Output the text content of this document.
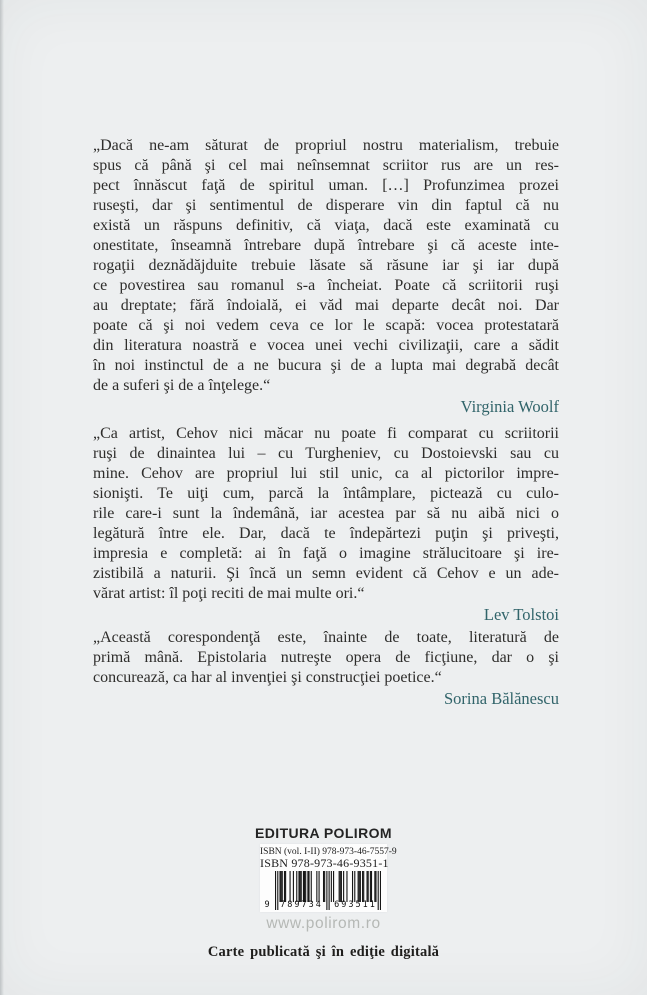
„Dacă ne-am săturat de propriul nostru materialism, trebuie
spus că până şi cel mai neînsemnat scriitor rus are un res-
pect înnăscut faţă de spiritul uman. […] Profunzimea prozei
ruseşti, dar şi sentimentul de disperare vin din faptul că nu
există un răspuns definitiv, că viaţa, dacă este examinată cu
onestitate, înseamnă întrebare după întrebare şi că aceste inte-
rogaţii deznădăjduite trebuie lăsate să răsune iar şi iar după
ce povestirea sau romanul s-a încheiat. Poate că scriitorii ruşi
au dreptate; fără îndoială, ei văd mai departe decât noi. Dar
poate că şi noi vedem ceva ce lor le scapă: vocea protestatară
din literatura noastră e vocea unei vechi civilizaţii, care a sădit
în noi instinctul de a ne bucura şi de a lupta mai degrabă decât
de a suferi şi de a înţelege.“
Virginia Woolf
„Ca artist, Cehov nici măcar nu poate fi comparat cu scriitorii
ruşi de dinaintea lui – cu Turgheniev, cu Dostoievski sau cu
mine. Cehov are propriul lui stil unic, ca al pictorilor impre-
sionişti. Te uiţi cum, parcă la întâmplare, pictează cu culo-
rile care-i sunt la îndemână, iar acestea par să nu aibă nici o
legătură între ele. Dar, dacă te îndepărtezi puţin şi priveşti,
impresia e completă: ai în faţă o imagine strălucitoare şi ire-
zistibilă a naturii. Şi încă un semn evident că Cehov e un ade-
vărat artist: îl poţi reciti de mai multe ori.“
Lev Tolstoi
„Această corespondenţă este, înainte de toate, literatură de
primă mână. Epistolaria nutreşte opera de ficţiune, dar o şi
concurează, ca har al invenţiei şi construcţiei poetice.“
Sorina Bălănescu
EDITURA POLIROM
ISBN (vol. I-II) 978-973-46-7557-9
ISBN 978-973-46-9351-1
9	789734	693511
www.polirom.ro
Carte publicată şi în ediţie digitală
